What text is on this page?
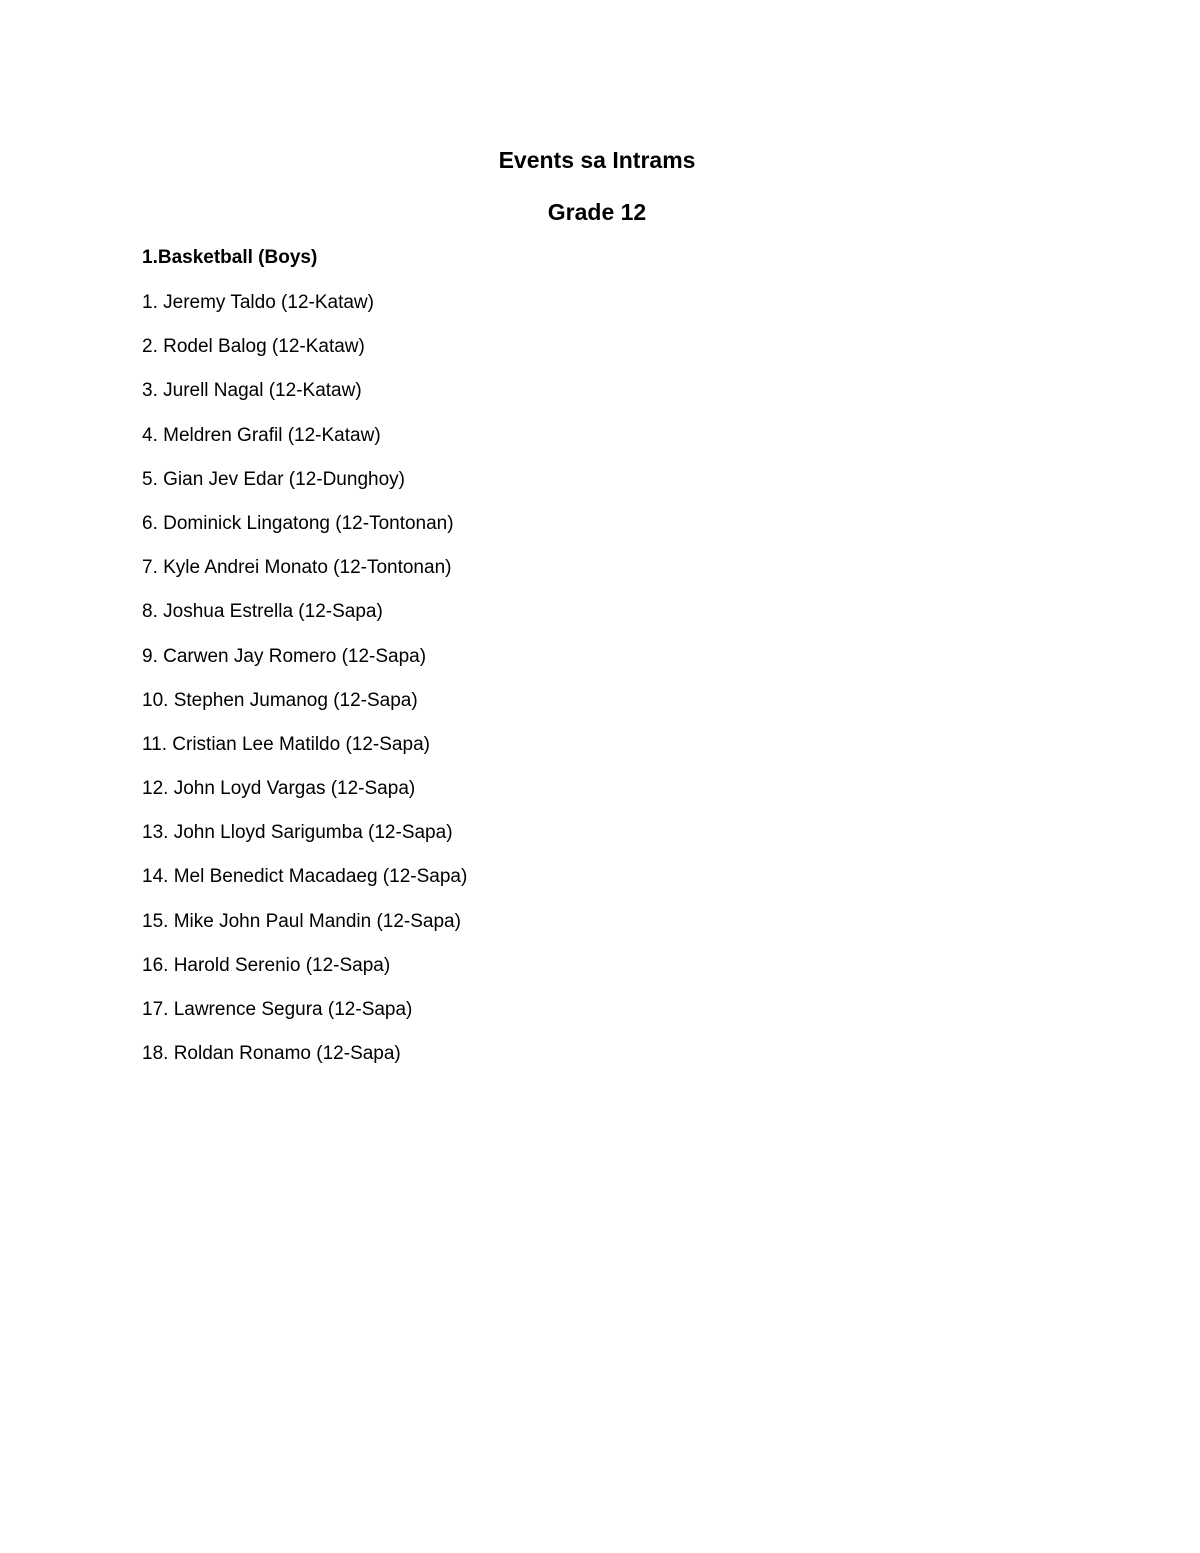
Events sa Intrams
Grade 12
1.Basketball (Boys)
1. Jeremy Taldo (12-Kataw)
2. Rodel Balog (12-Kataw)
3. Jurell Nagal (12-Kataw)
4. Meldren Grafil (12-Kataw)
5. Gian Jev Edar (12-Dunghoy)
6. Dominick Lingatong (12-Tontonan)
7. Kyle Andrei Monato (12-Tontonan)
8. Joshua Estrella (12-Sapa)
9. Carwen Jay Romero (12-Sapa)
10. Stephen Jumanog (12-Sapa)
11. Cristian Lee Matildo (12-Sapa)
12. John Loyd Vargas (12-Sapa)
13. John Lloyd Sarigumba (12-Sapa)
14. Mel Benedict Macadaeg (12-Sapa)
15. Mike John Paul Mandin (12-Sapa)
16. Harold Serenio (12-Sapa)
17. Lawrence Segura (12-Sapa)
18. Roldan Ronamo (12-Sapa)
